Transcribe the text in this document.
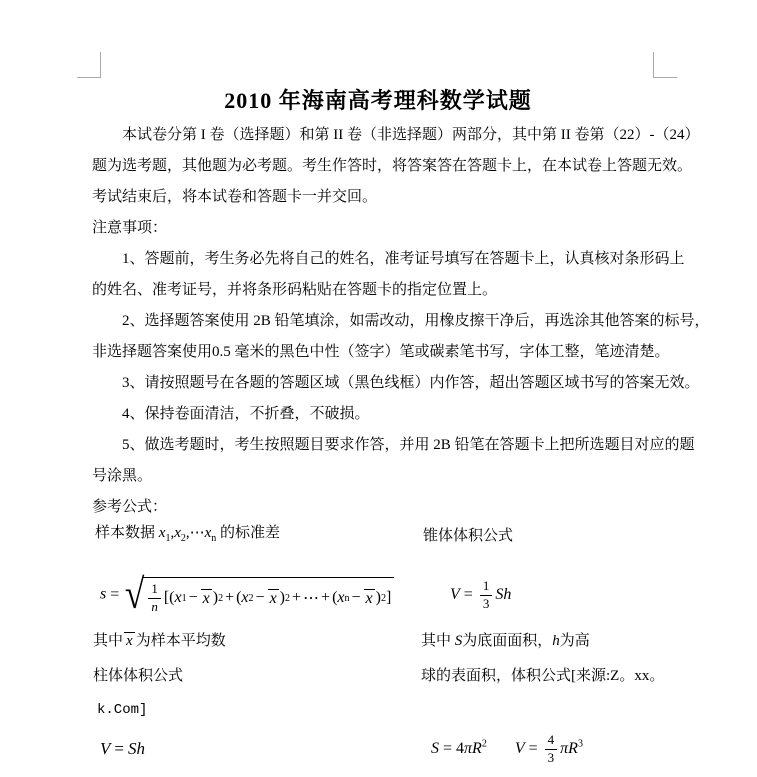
2010 年海南高考理科数学试题
本试卷分第 I 卷（选择题）和第 II 卷（非选择题）两部分，其中第 II 卷第（22）-（24）
题为选考题，其他题为必考题。考生作答时，将答案答在答题卡上，在本试卷上答题无效。
考试结束后，将本试卷和答题卡一并交回。
注意事项：
1、答题前，考生务必先将自己的姓名，准考证号填写在答题卡上，认真核对条形码上
的姓名、准考证号，并将条形码粘贴在答题卡的指定位置上。
2、选择题答案使用 2B 铅笔填涂，如需改动，用橡皮擦干净后，再选涂其他答案的标号，
非选择题答案使用0.5 毫米的黑色中性（签字）笔或碳素笔书写，字体工整，笔迹清楚。
3、请按照题号在各题的答题区域（黑色线框）内作答，超出答题区域书写的答案无效。
4、保持卷面清洁，不折叠，不破损。
5、做选考题时，考生按照题目要求作答，并用 2B 铅笔在答题卡上把所选题目对应的题
号涂黑。
参考公式：
样本数据 $x_1,x_2,\cdots x_n$ 的标准差	锥体体积公式
s = √ $\frac{1}{n}$ [ ( x 1 − x ) 2 + ( x 2 − x ) 2 + ⋯ + ( x n − x ) 2 ]	$V = \frac{1}{3}$ Sh
其中 x 为样本平均数	其中 S为底面面积，h为高
柱体体积公式	球的表面积，体积公式[来源:Z。xx。
k.Com]
V = Sh	$S = 4\pi R^2$ $V = \frac{4}{3} \pi R^3$
